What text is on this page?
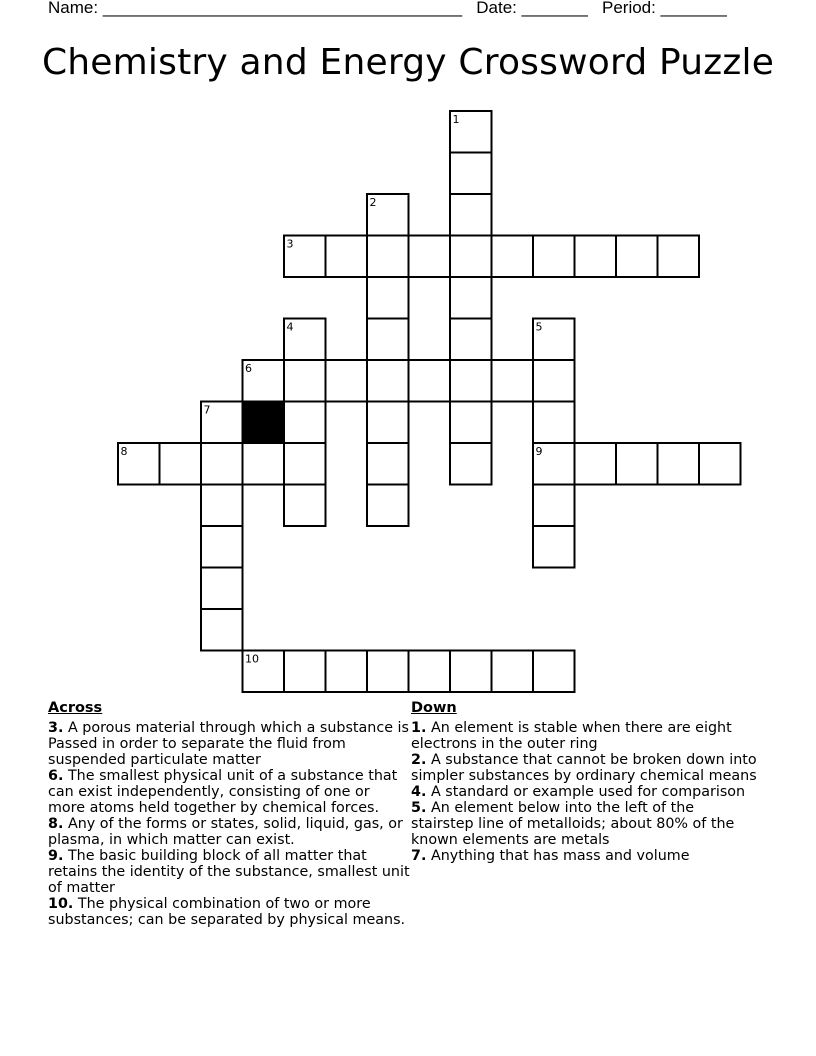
Name: ______________________________________ Date: _______ Period: _______
Chemistry and Energy Crossword Puzzle
1
2
3
4	5
6
7
8	9
10
Across

3. A porous material through which a substance is Passed in order to separate the fluid from suspended particulate matter

6. The smallest physical unit of a substance that can exist independently, consisting of one or more atoms held together by chemical forces.

8. Any of the forms or states, solid, liquid, gas, or plasma, in which matter can exist.

9. The basic building block of all matter that retains the identity of the substance, smallest unit of matter

10. The physical combination of two or more substances; can be separated by physical means.

Down

1. An element is stable when there are eight electrons in the outer ring

2. A substance that cannot be broken down into simpler substances by ordinary chemical means

4. A standard or example used for comparison

5. An element below into the left of the stairstep line of metalloids; about 80% of the known elements are metals

7. Anything that has mass and volume
